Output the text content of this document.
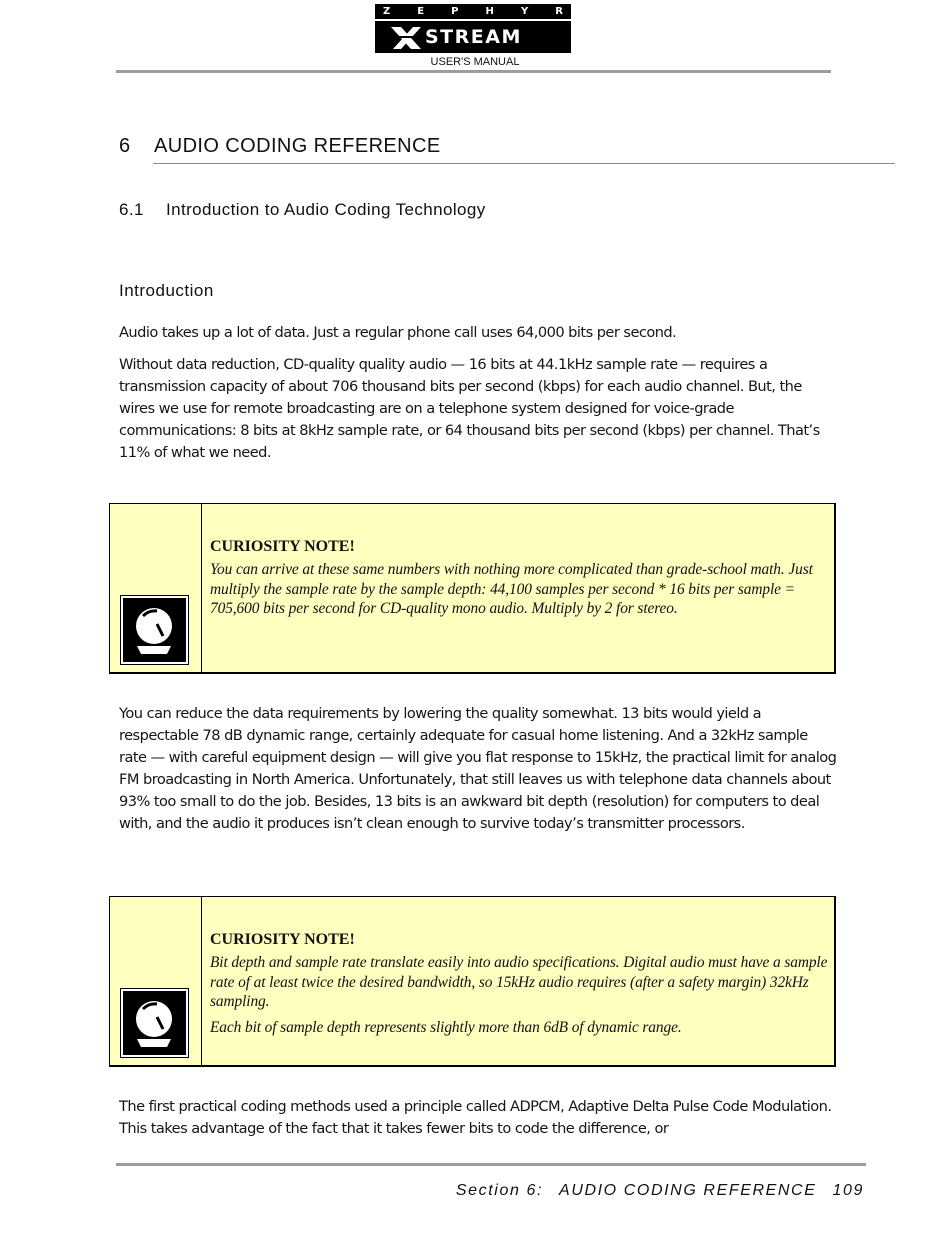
Z	E	P	H	Y	R
STREAM
USER'S MANUAL
6 AUDIO CODING REFERENCE
6.1 Introduction to Audio Coding Technology
Introduction

Audio takes up a lot of data. Just a regular phone call uses 64,000 bits per second.

Without data reduction, CD-quality quality audio — 16 bits at 44.1kHz sample rate — requires a transmission capacity of about 706 thousand bits per second (kbps) for each audio channel. But, the wires we use for remote broadcasting are on a telephone system designed for voice-grade communications: 8 bits at 8kHz sample rate, or 64 thousand bits per second (kbps) per channel. That’s 11% of what we need.

CURIOSITY NOTE!

You can arrive at these same numbers with nothing more complicated than grade-school math. Just multiply the sample rate by the sample depth: 44,100 samples per second * 16 bits per sample = 705,600 bits per second for CD-quality mono audio. Multiply by 2 for stereo.

You can reduce the data requirements by lowering the quality somewhat. 13 bits would yield a respectable 78 dB dynamic range, certainly adequate for casual home listening. And a 32kHz sample rate — with careful equipment design — will give you flat response to 15kHz, the practical limit for analog FM broadcasting in North America. Unfortunately, that still leaves us with telephone data channels about 93% too small to do the job. Besides, 13 bits is an awkward bit depth (resolution) for computers to deal with, and the audio it produces isn’t clean enough to survive today’s transmitter processors.

CURIOSITY NOTE!

Bit depth and sample rate translate easily into audio specifications. Digital audio must have a sample rate of at least twice the desired bandwidth, so 15kHz audio requires (after a safety margin) 32kHz sampling.

Each bit of sample depth represents slightly more than 6dB of dynamic range.

The first practical coding methods used a principle called ADPCM, Adaptive Delta Pulse Code Modulation. This takes advantage of the fact that it takes fewer bits to code the difference, or

Section 6: AUDIO CODING REFERENCE 109
